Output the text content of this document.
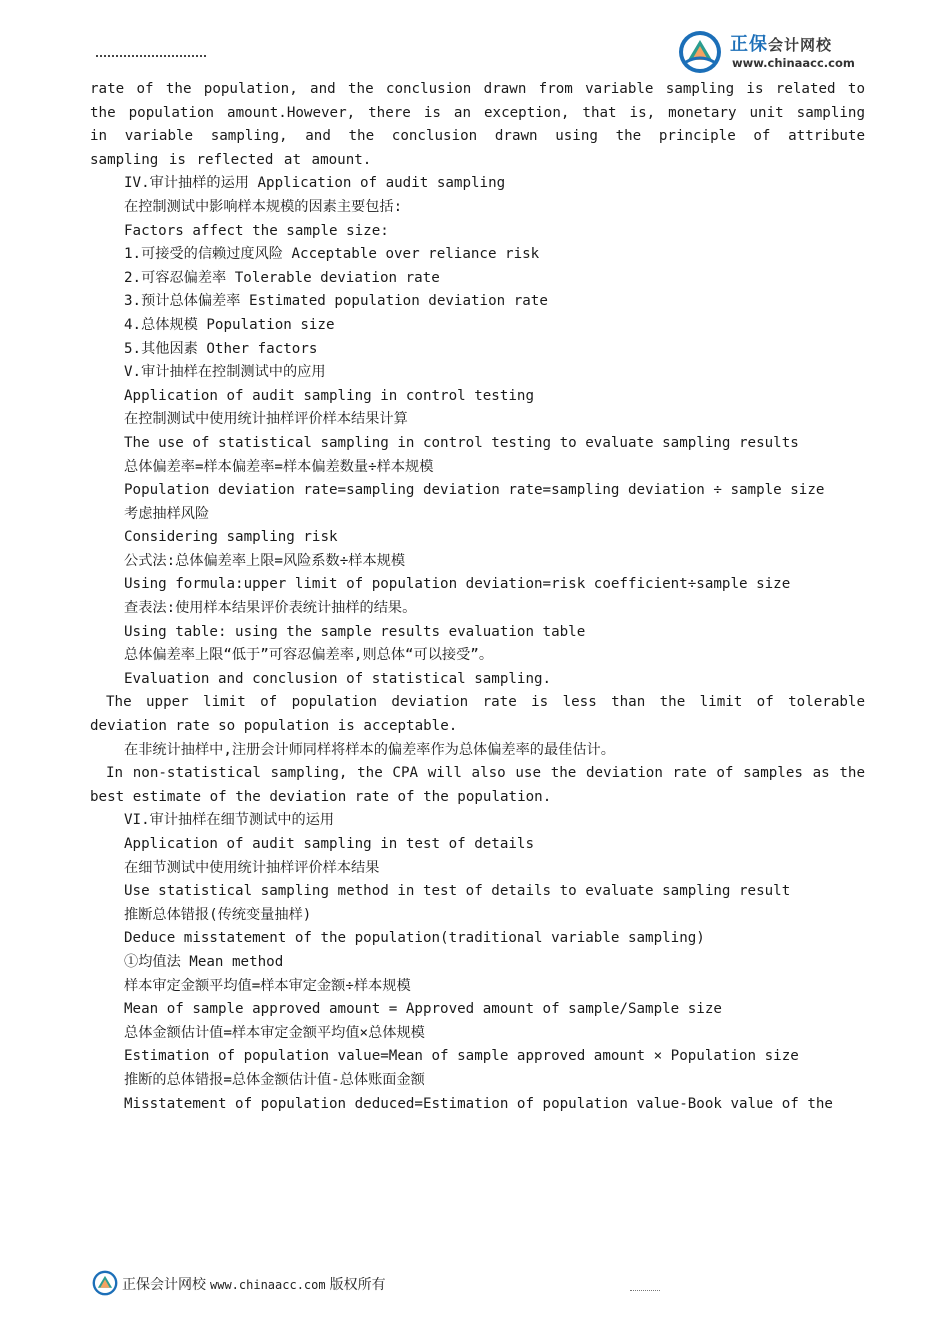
正保会计网校
www.chinaacc.com

rate of the population, and the conclusion drawn from variable sampling is related to the population amount.However, there is an exception, that is, monetary unit sampling in variable sampling, and the conclusion drawn using the principle of attribute sampling is reflected at amount.

IV.审计抽样的运用 Application of audit sampling

在控制测试中影响样本规模的因素主要包括:

Factors affect the sample size:

1.可接受的信赖过度风险 Acceptable over reliance risk

2.可容忍偏差率 Tolerable deviation rate

3.预计总体偏差率 Estimated population deviation rate

4.总体规模 Population size

5.其他因素 Other factors

V.审计抽样在控制测试中的应用

Application of audit sampling in control testing

在控制测试中使用统计抽样评价样本结果计算

The use of statistical sampling in control testing to evaluate sampling results

总体偏差率=样本偏差率=样本偏差数量÷样本规模

Population deviation rate=sampling deviation rate=sampling deviation ÷ sample size

考虑抽样风险

Considering sampling risk

公式法:总体偏差率上限=风险系数÷样本规模

Using formula:upper limit of population deviation=risk coefficient÷sample size

查表法:使用样本结果评价表统计抽样的结果。

Using table: using the sample results evaluation table

总体偏差率上限“低于”可容忍偏差率,则总体“可以接受”。

Evaluation and conclusion of statistical sampling.

The upper limit of population deviation rate is less than the limit of tolerable deviation rate so population is acceptable.

在非统计抽样中,注册会计师同样将样本的偏差率作为总体偏差率的最佳估计。

In non-statistical sampling, the CPA will also use the deviation rate of samples as the best estimate of the deviation rate of the population.

VI.审计抽样在细节测试中的运用

Application of audit sampling in test of details

在细节测试中使用统计抽样评价样本结果

Use statistical sampling method in test of details to evaluate sampling result

推断总体错报(传统变量抽样)

Deduce misstatement of the population(traditional variable sampling)

①均值法 Mean method

样本审定金额平均值=样本审定金额÷样本规模

Mean of sample approved amount = Approved amount of sample/Sample size

总体金额估计值=样本审定金额平均值×总体规模

Estimation of population value=Mean of sample approved amount × Population size

推断的总体错报=总体金额估计值-总体账面金额

Misstatement of population deduced=Estimation of population value-Book value of the

正保会计网校 www.chinaacc.com 版权所有
